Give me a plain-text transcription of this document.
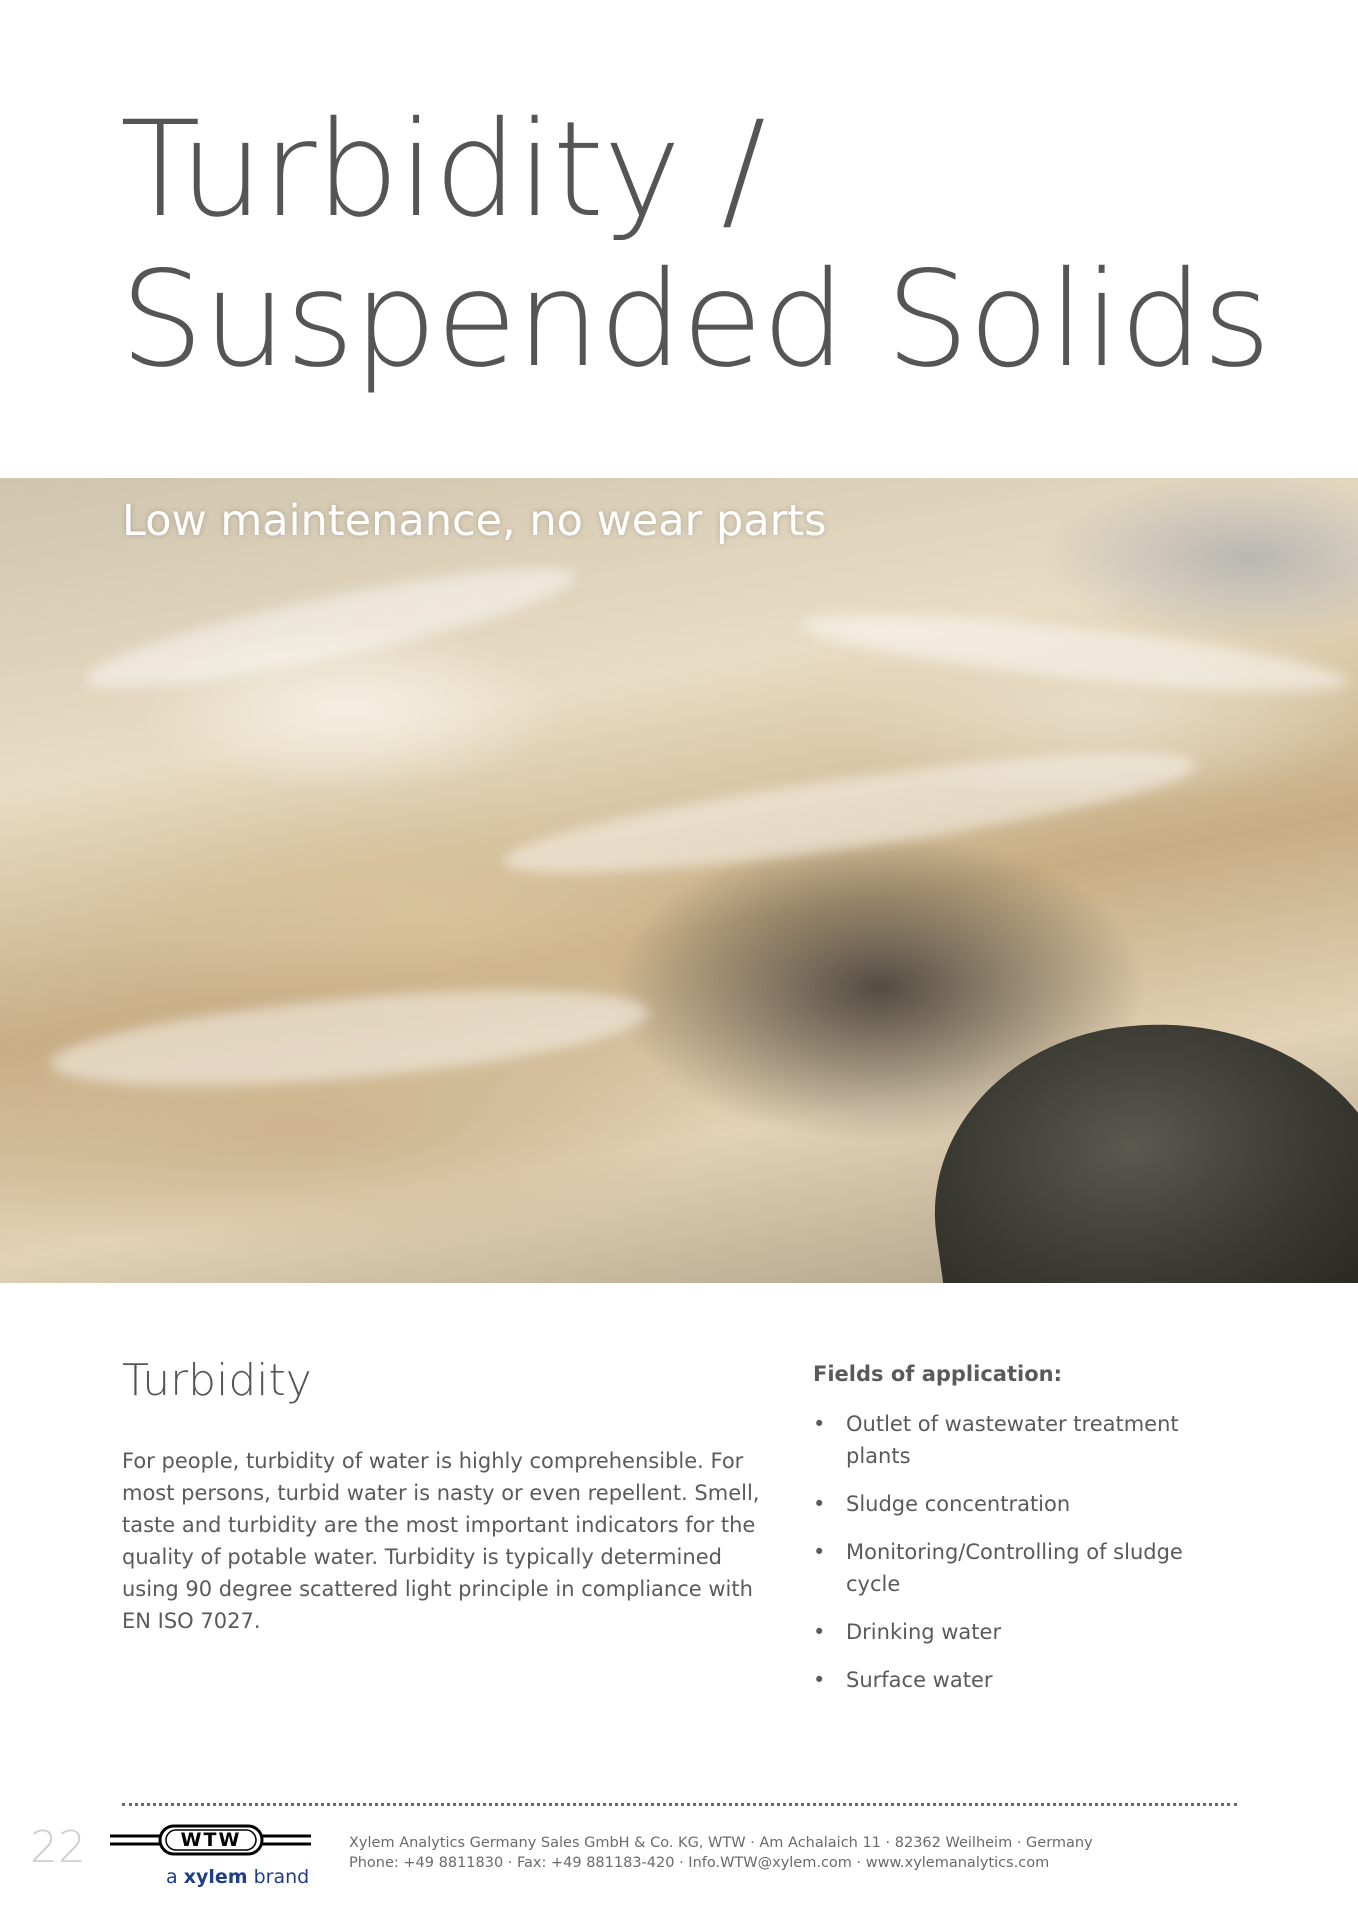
Turbidity /
Suspended Solids

Low maintenance, no wear parts

Turbidity

For people, turbidity of water is highly comprehensible. For most persons, turbid water is nasty or even repellent. Smell, taste and turbidity are the most important indicators for the quality of potable water. Turbidity is typically determined using 90 degree scattered light principle in compliance with EN ISO 7027.

Fields of application:
• Outlet of wastewater treatment plants
• Sludge concentration
• Monitoring/Controlling of sludge cycle
• Drinking water
• Surface water

22	WTW
a xylem brand

Xylem Analytics Germany Sales GmbH & Co. KG, WTW · Am Achalaich 11 · 82362 Weilheim · Germany
Phone: +49 8811830 · Fax: +49 881183-420 · Info.WTW@xylem.com · www.xylemanalytics.com
